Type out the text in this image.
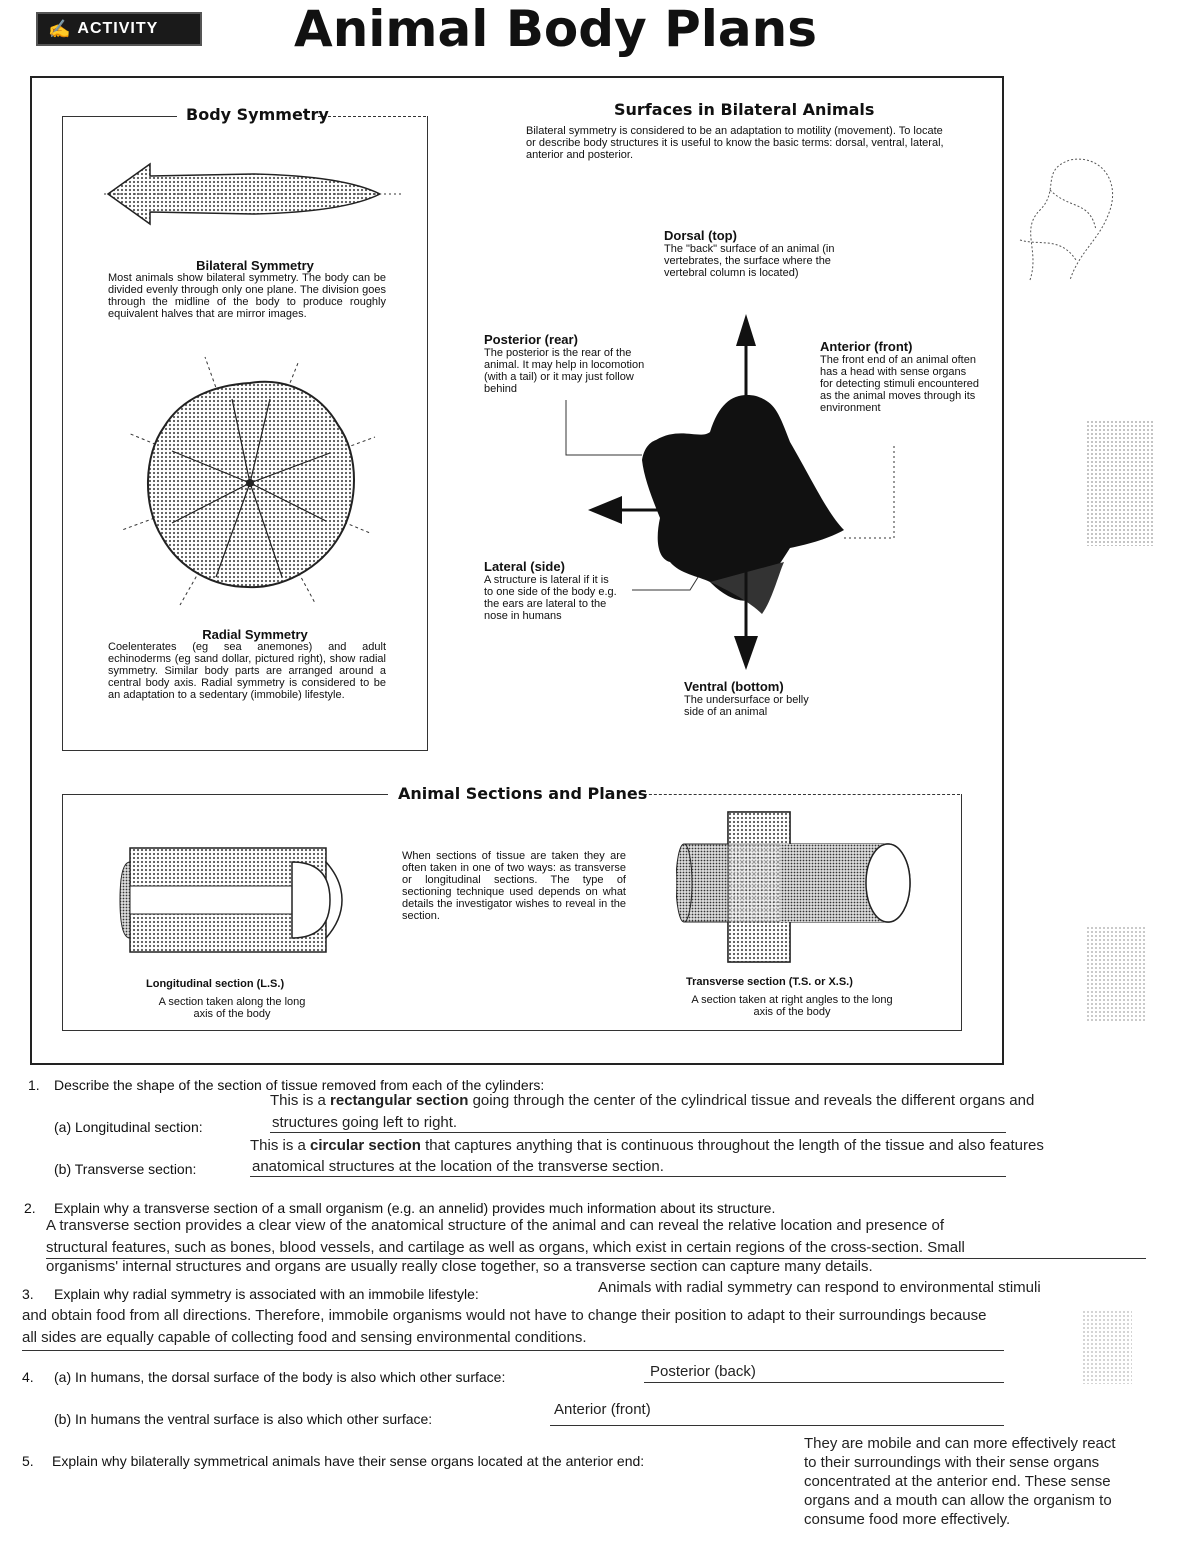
✍ ACTIVITY	Animal Body Plans
Body Symmetry
Bilateral Symmetry
Most animals show bilateral symmetry. The body can be divided evenly through only one plane. The division goes through the midline of the body to produce roughly equivalent halves that are mirror images.
Radial Symmetry
Coelenterates (eg sea anemones) and adult echinoderms (eg sand dollar, pictured right), show radial symmetry. Similar body parts are arranged around a central body axis. Radial symmetry is considered to be an adaptation to a sedentary (immobile) lifestyle.
Surfaces in Bilateral Animals
Bilateral symmetry is considered to be an adaptation to motility (movement). To locate or describe body structures it is useful to know the basic terms: dorsal, ventral, lateral, anterior and posterior.
Dorsal (top)
The "back" surface of an animal (in vertebrates, the surface where the vertebral column is located)
Posterior (rear)
The posterior is the rear of the animal. It may help in locomotion (with a tail) or it may just follow behind
Anterior (front)
The front end of an animal often has a head with sense organs for detecting stimuli encountered as the animal moves through its environment
Lateral (side)
A structure is lateral if it is to one side of the body e.g. the ears are lateral to the nose in humans
Ventral (bottom)
The undersurface or belly side of an animal
Animal Sections and Planes
When sections of tissue are taken they are often taken in one of two ways: as transverse or longitudinal sections. The type of sectioning technique used depends on what details the investigator wishes to reveal in the section.
Longitudinal section (L.S.)
A section taken along the long axis of the body
Transverse section (T.S. or X.S.)
A section taken at right angles to the long axis of the body
1. Describe the shape of the section of tissue removed from each of the cylinders:
This is a rectangular section going through the center of the cylindrical tissue and reveals the different organs and
(a) Longitudinal section:	structures going left to right.
This is a circular section that captures anything that is continuous throughout the length of the tissue and also features
(b) Transverse section:	anatomical structures at the location of the transverse section.
2. Explain why a transverse section of a small organism (e.g. an annelid) provides much information about its structure.
A transverse section provides a clear view of the anatomical structure of the animal and can reveal the relative location and presence of
structural features, such as bones, blood vessels, and cartilage as well as organs, which exist in certain regions of the cross-section. Small
organisms' internal structures and organs are usually really close together, so a transverse section can capture many details.
3. Explain why radial symmetry is associated with an immobile lifestyle:	Animals with radial symmetry can respond to environmental stimuli
and obtain food from all directions. Therefore, immobile organisms would not have to change their position to adapt to their surroundings because
all sides are equally capable of collecting food and sensing environmental conditions.
4. (a) In humans, the dorsal surface of the body is also which other surface:	Posterior (back)
(b) In humans the ventral surface is also which other surface:
Anterior (front)
5. Explain why bilaterally symmetrical animals have their sense organs located at the anterior end:
They are mobile and can more effectively react
to their surroundings with their sense organs
concentrated at the anterior end. These sense
organs and a mouth can allow the organism to
consume food more effectively.
